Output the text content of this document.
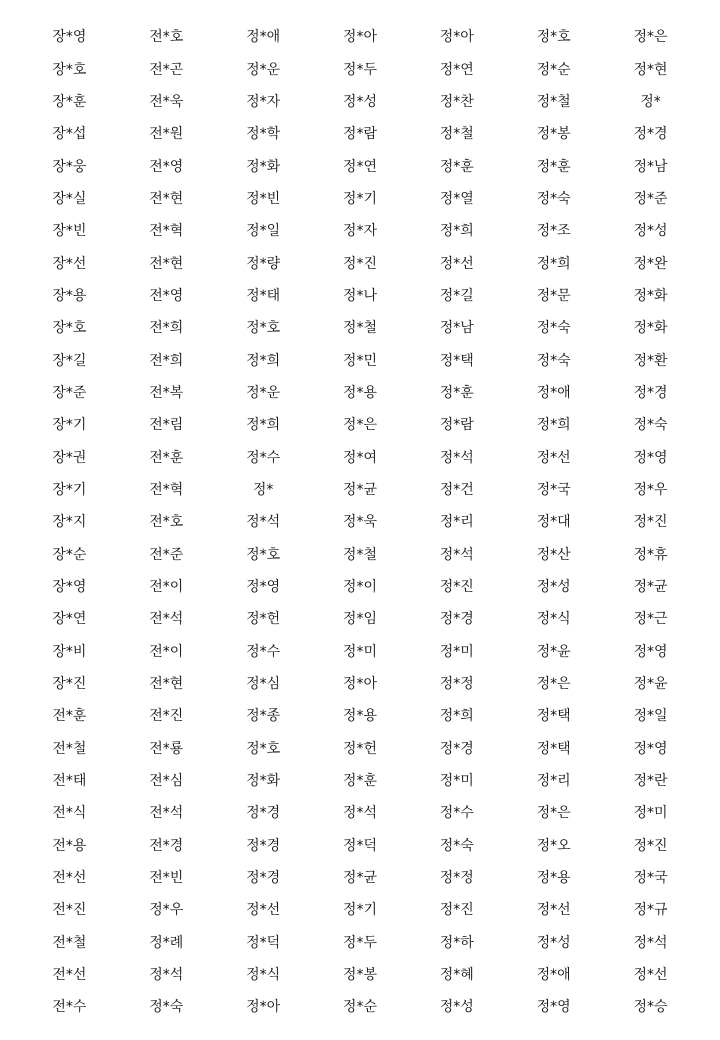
장*영	전*호	정*애	정*아	정*아	정*호	정*은
장*호	전*곤	정*운	정*두	정*연	정*순	정*현
장*훈	전*욱	정*자	정*성	정*찬	정*철	정*
장*섭	전*원	정*학	정*람	정*철	정*봉	정*경
장*웅	전*영	정*화	정*연	정*훈	정*훈	정*남
장*실	전*현	정*빈	정*기	정*열	정*숙	정*준
장*빈	전*혁	정*일	정*자	정*희	정*조	정*성
장*선	전*현	정*량	정*진	정*선	정*희	정*완
장*용	전*영	정*태	정*나	정*길	정*문	정*화
장*호	전*희	정*호	정*철	정*남	정*숙	정*화
장*길	전*희	정*희	정*민	정*택	정*숙	정*환
장*준	전*복	정*운	정*용	정*훈	정*애	정*경
장*기	전*림	정*희	정*은	정*람	정*희	정*숙
장*권	전*훈	정*수	정*여	정*석	정*선	정*영
장*기	전*혁	정*	정*균	정*건	정*국	정*우
장*지	전*호	정*석	정*욱	정*리	정*대	정*진
장*순	전*준	정*호	정*철	정*석	정*산	정*휴
장*영	전*이	정*영	정*이	정*진	정*성	정*균
장*연	전*석	정*헌	정*임	정*경	정*식	정*근
장*비	전*이	정*수	정*미	정*미	정*윤	정*영
장*진	전*현	정*심	정*아	정*정	정*은	정*윤
전*훈	전*진	정*종	정*용	정*희	정*택	정*일
전*철	전*룡	정*호	정*헌	정*경	정*택	정*영
전*태	전*심	정*화	정*훈	정*미	정*리	정*란
전*식	전*석	정*경	정*석	정*수	정*은	정*미
전*용	전*경	정*경	정*덕	정*숙	정*오	정*진
전*선	전*빈	정*경	정*균	정*정	정*용	정*국
전*진	정*우	정*선	정*기	정*진	정*선	정*규
전*철	정*례	정*덕	정*두	정*하	정*성	정*석
전*선	정*석	정*식	정*봉	정*혜	정*애	정*선
전*수	정*숙	정*아	정*순	정*성	정*영	정*승
